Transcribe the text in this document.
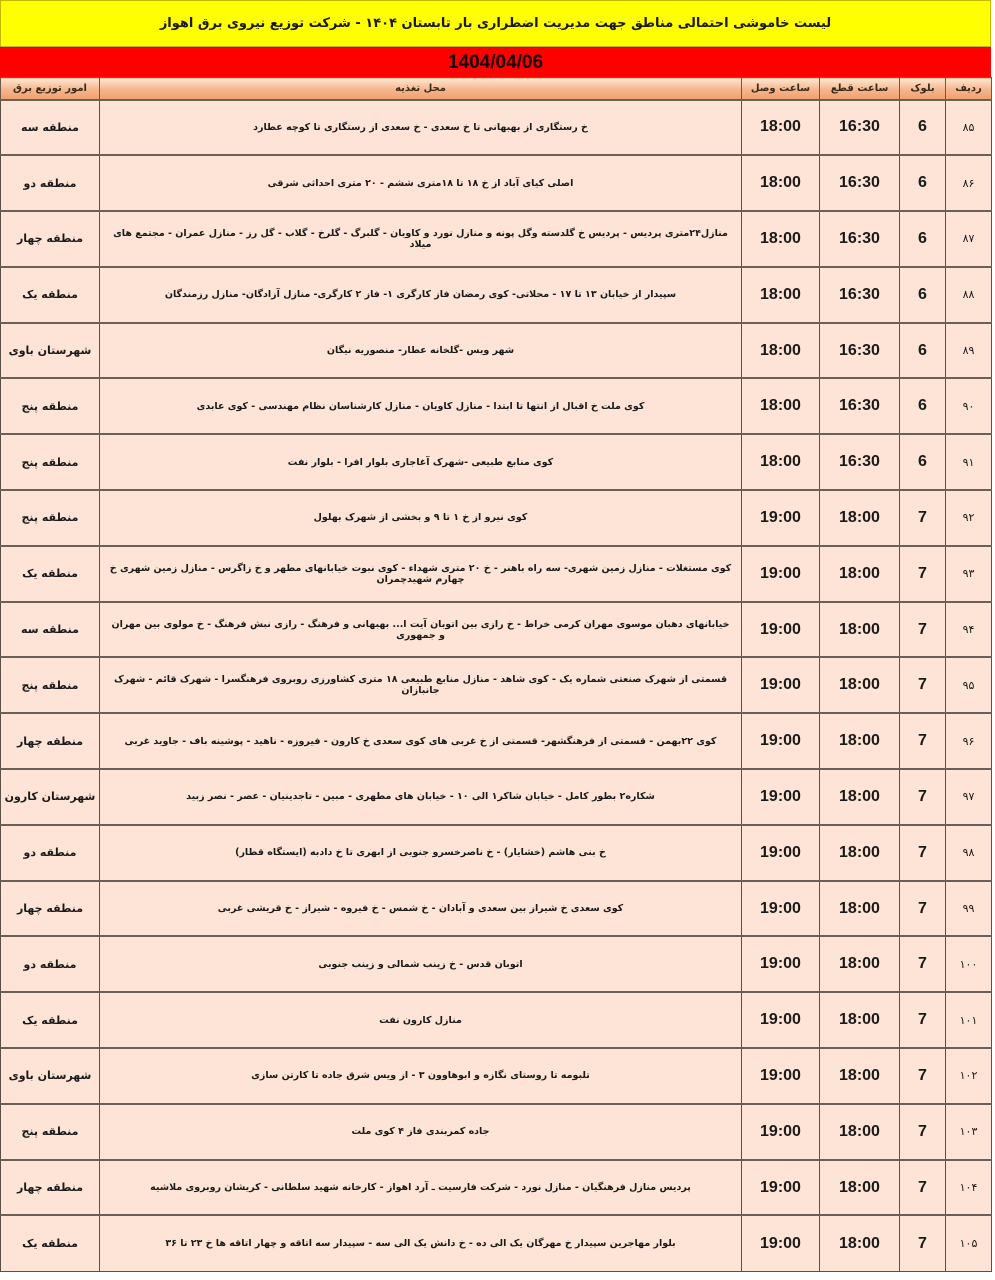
لیست خاموشی احتمالی مناطق جهت مدیریت اضطراری بار تابستان ۱۴۰۴ - شرکت توزیع نیروی برق اهواز
1404/04/06
ردیف	بلوک	ساعت قطع	ساعت وصل	محل تغذیه	امور توزیع برق
۸۵	6	16:30	18:00	خ رستگاری از بهبهانی تا خ سعدی - خ سعدی از رستگاری تا کوچه عطارد	منطقه سه
۸۶	6	16:30	18:00	اصلی کیای آباد از خ ۱۸ تا ۱۸متری ششم - ۲۰ متری احداثی شرقی	منطقه دو
۸۷	6	16:30	18:00	منازل۲۴متری پردیس - پردیس خ گلدسته وگل پونه و منازل نورد و کاویان - گلبرگ - گلرخ - گلاب - گل رز - منازل عمران - مجتمع های میلاد	منطقه چهار
۸۸	6	16:30	18:00	سپیدار از خیابان ۱۳ تا ۱۷ - محلاتی- کوی رمضان فاز کارگری ۱- فاز ۲ کارگری- منازل آزادگان- منازل رزمندگان	منطقه یک
۸۹	6	16:30	18:00	شهر ویس -گلخانه عطار- منصوریه نیگان	شهرستان باوی
۹۰	6	16:30	18:00	کوی ملت خ اقبال از انتها تا ابتدا - منازل کاویان - منازل کارشناسان نظام مهندسی - کوی عابدی	منطقه پنج
۹۱	6	16:30	18:00	کوی منابع طبیعی -شهرک آغاجاری بلوار افرا - بلوار نفت	منطقه پنج
۹۲	7	18:00	19:00	کوی نیرو از خ ۱ تا ۹ و بخشی از شهرک بهلول	منطقه پنج
۹۳	7	18:00	19:00	کوی مستغلات - منازل زمین شهری- سه راه باهنر - خ ۲۰ متری شهداء - کوی نبوت خیابانهای مطهر و خ زاگرس - منازل زمین شهری خ چهارم شهیدچمران	منطقه یک
۹۴	7	18:00	19:00	خیابانهای دهبان موسوی مهران کرمی خراط - خ رازی بین اتوبان آیت ا... بهبهانی و فرهنگ - رازی نبش فرهنگ - خ مولوی بین مهران و جمهوری	منطقه سه
۹۵	7	18:00	19:00	قسمتی از شهرک صنعتی شماره یک - کوی شاهد - منازل منابع طبیعی ۱۸ متری کشاورزی روبروی فرهنگسرا - شهرک قائم - شهرک جانبازان	منطقه پنج
۹۶	7	18:00	19:00	کوی ۲۲بهمن - قسمتی از فرهنگشهر- قسمتی از خ غربی های کوی سعدی خ کارون - فیروزه - ناهید - پوشینه باف - جاوید غربی	منطقه چهار
۹۷	7	18:00	19:00	شکاره۲ بطور کامل - خیابان شاکر۱ الی ۱۰ - خیابان های مطهری - مبین - تاجدینیان - عصر - نصر زبید	شهرستان کارون
۹۸	7	18:00	19:00	خ بنی هاشم (خشایار) - خ ناصرخسرو جنوبی از ابهری تا خ دادبه (ایستگاه قطار)	منطقه دو
۹۹	7	18:00	19:00	کوی سعدی خ شیراز بین سعدی و آبادان - خ شمس - خ فیروه - شیراز - خ قریشی غربی	منطقه چهار
۱۰۰	7	18:00	19:00	اتوبان قدس - خ زینب شمالی و زینب جنوبی	منطقه دو
۱۰۱	7	18:00	19:00	منازل کارون نفت	منطقه یک
۱۰۲	7	18:00	19:00	تلبومه تا روستای نگازه و ابوهاوون ۳ - از ویس شرق جاده تا کارتن سازی	شهرستان باوی
۱۰۳	7	18:00	19:00	جاده کمربندی فاز ۴ کوی ملت	منطقه پنج
۱۰۴	7	18:00	19:00	پردیس منازل فرهنگیان - منازل نورد - شرکت فارسیت ـ آرد اهواز - کارخانه شهید سلطانی - کریشان روبروی ملاشیه	منطقه چهار
۱۰۵	7	18:00	19:00	بلوار مهاجرین سپیدار خ مهرگان یک الی ده - خ دانش یک الی سه - سپیدار سه اتاقه و چهار اتاقه ها خ ۲۳ تا ۳۶	منطقه یک
